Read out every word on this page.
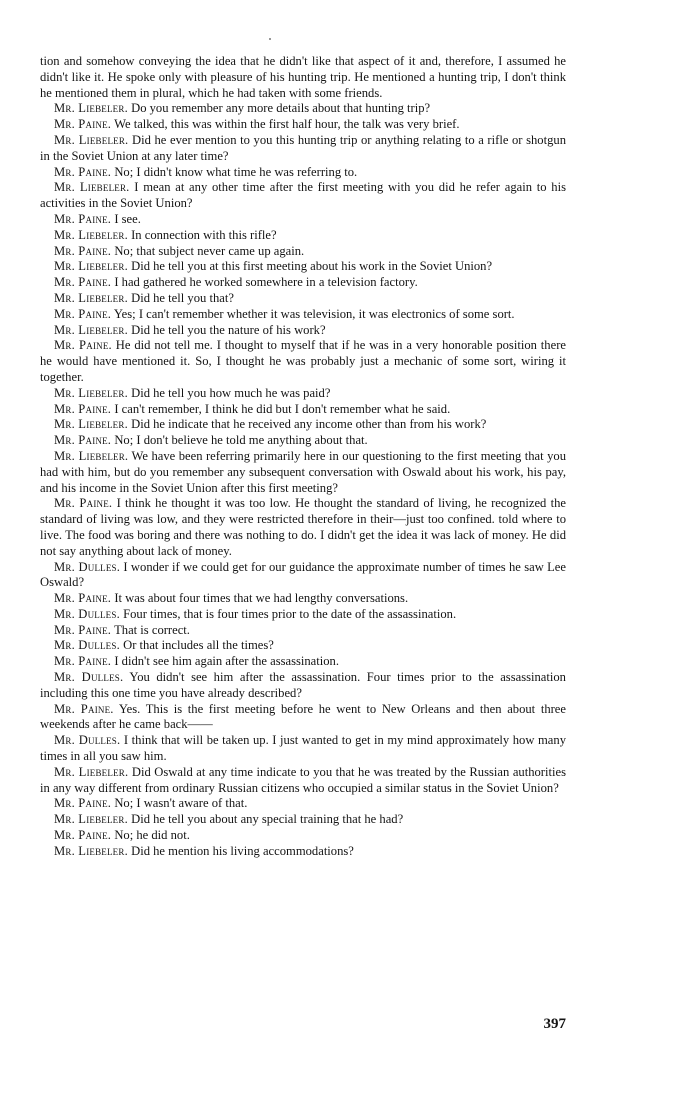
tion and somehow conveying the idea that he didn't like that aspect of it and, therefore, I assumed he didn't like it. He spoke only with pleasure of his hunting trip. He mentioned a hunting trip, I don't think he mentioned them in plural, which he had taken with some friends.

Mr. Liebeler. Do you remember any more details about that hunting trip?

Mr. Paine. We talked, this was within the first half hour, the talk was very brief.

Mr. Liebeler. Did he ever mention to you this hunting trip or anything relating to a rifle or shotgun in the Soviet Union at any later time?

Mr. Paine. No; I didn't know what time he was referring to.

Mr. Liebeler. I mean at any other time after the first meeting with you did he refer again to his activities in the Soviet Union?

Mr. Paine. I see.

Mr. Liebeler. In connection with this rifle?

Mr. Paine. No; that subject never came up again.

Mr. Liebeler. Did he tell you at this first meeting about his work in the Soviet Union?

Mr. Paine. I had gathered he worked somewhere in a television factory.

Mr. Liebeler. Did he tell you that?

Mr. Paine. Yes; I can't remember whether it was television, it was electronics of some sort.

Mr. Liebeler. Did he tell you the nature of his work?

Mr. Paine. He did not tell me. I thought to myself that if he was in a very honorable position there he would have mentioned it. So, I thought he was probably just a mechanic of some sort, wiring it together.

Mr. Liebeler. Did he tell you how much he was paid?

Mr. Paine. I can't remember, I think he did but I don't remember what he said.

Mr. Liebeler. Did he indicate that he received any income other than from his work?

Mr. Paine. No; I don't believe he told me anything about that.

Mr. Liebeler. We have been referring primarily here in our questioning to the first meeting that you had with him, but do you remember any subsequent conversation with Oswald about his work, his pay, and his income in the Soviet Union after this first meeting?

Mr. Paine. I think he thought it was too low. He thought the standard of living, he recognized the standard of living was low, and they were restricted therefore in their—just too confined. told where to live. The food was boring and there was nothing to do. I didn't get the idea it was lack of money. He did not say anything about lack of money.

Mr. Dulles. I wonder if we could get for our guidance the approximate number of times he saw Lee Oswald?

Mr. Paine. It was about four times that we had lengthy conversations.

Mr. Dulles. Four times, that is four times prior to the date of the assassination.

Mr. Paine. That is correct.

Mr. Dulles. Or that includes all the times?

Mr. Paine. I didn't see him again after the assassination.

Mr. Dulles. You didn't see him after the assassination. Four times prior to the assassination including this one time you have already described?

Mr. Paine. Yes. This is the first meeting before he went to New Orleans and then about three weekends after he came back——

Mr. Dulles. I think that will be taken up. I just wanted to get in my mind approximately how many times in all you saw him.

Mr. Liebeler. Did Oswald at any time indicate to you that he was treated by the Russian authorities in any way different from ordinary Russian citizens who occupied a similar status in the Soviet Union?

Mr. Paine. No; I wasn't aware of that.

Mr. Liebeler. Did he tell you about any special training that he had?

Mr. Paine. No; he did not.

Mr. Liebeler. Did he mention his living accommodations?

397
